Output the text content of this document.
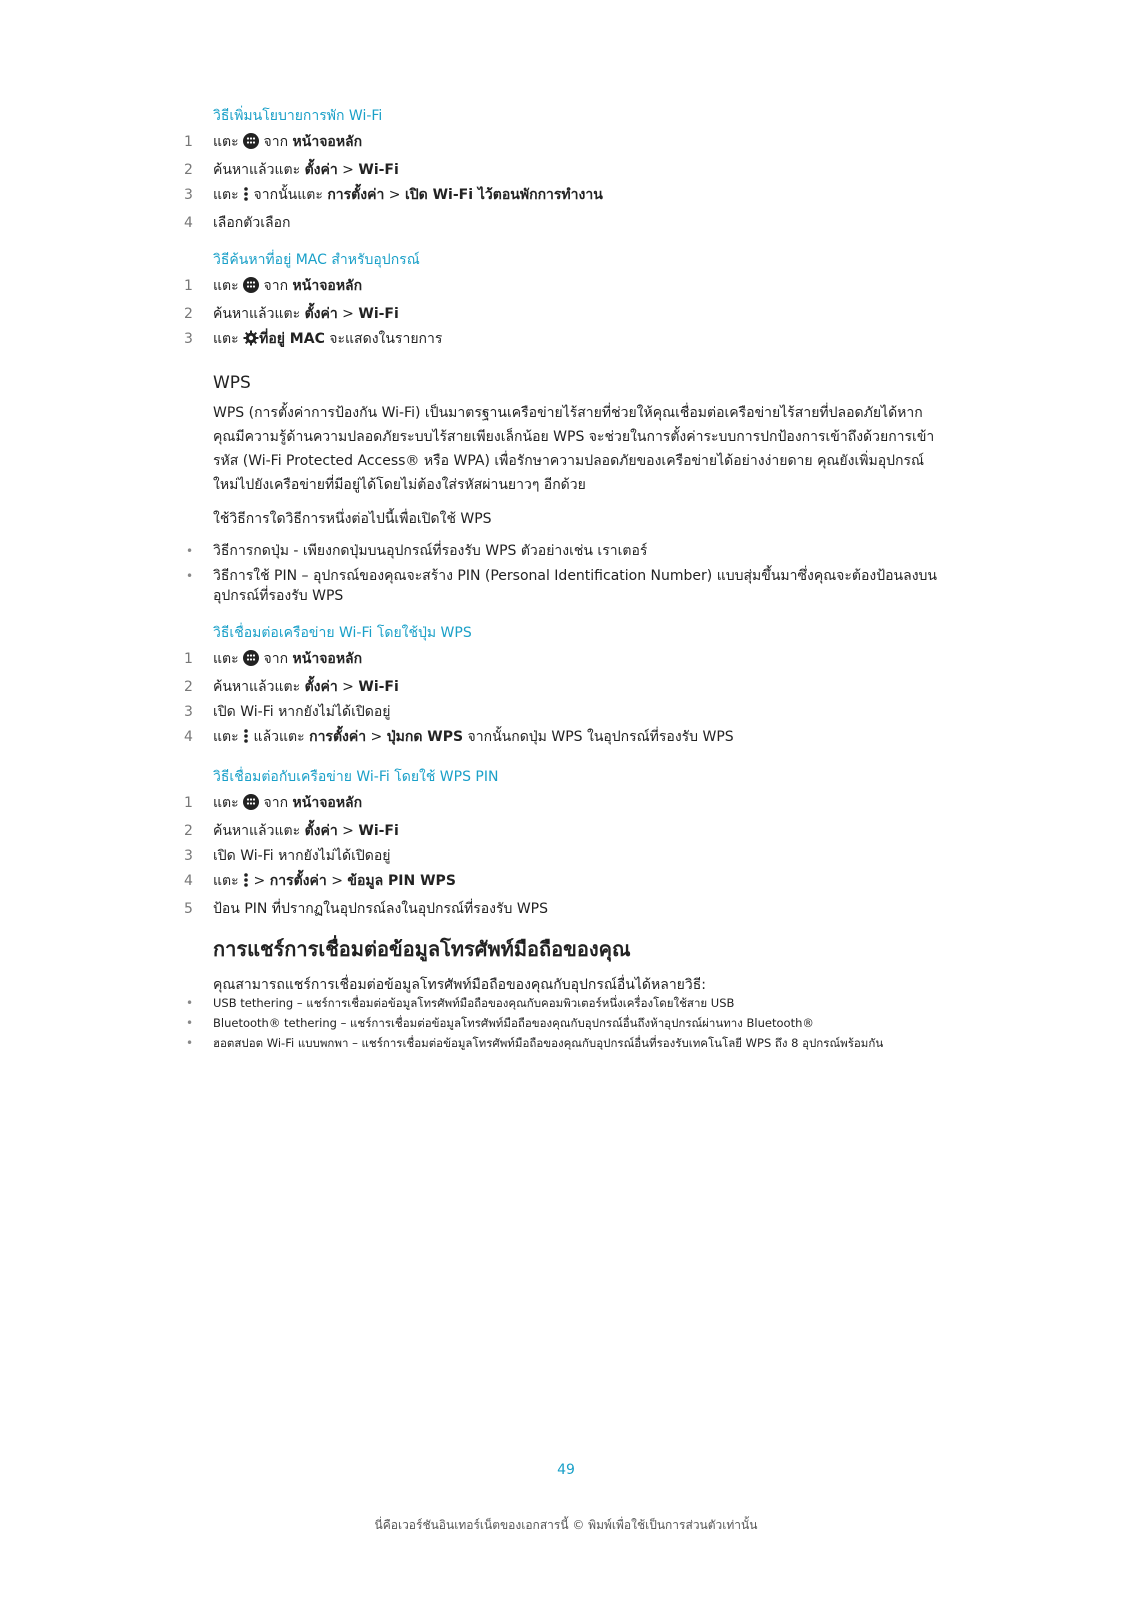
วิธีเพิ่มนโยบายการพัก Wi-Fi
1 แตะ  จาก หน้าจอหลัก
2 ค้นหาแล้วแตะ ตั้งค่า > Wi-Fi
3 แตะ  จากนั้นแตะ การตั้งค่า > เปิด Wi-Fi ไว้ตอนพักการทำงาน
4 เลือกตัวเลือก
วิธีค้นหาที่อยู่ MAC สำหรับอุปกรณ์
1 แตะ  จาก หน้าจอหลัก
2 ค้นหาแล้วแตะ ตั้งค่า > Wi-Fi
3 แตะ ที่อยู่ MAC จะแสดงในรายการ
WPS

WPS (การตั้งค่าการป้องกัน Wi-Fi) เป็นมาตรฐานเครือข่ายไร้สายที่ช่วยให้คุณเชื่อมต่อเครือข่ายไร้สายที่ปลอดภัยได้หากคุณมีความรู้ด้านความปลอดภัยระบบไร้สายเพียงเล็กน้อย WPS จะช่วยในการตั้งค่าระบบการปกป้องการเข้าถึงด้วยการเข้ารหัส (Wi-Fi Protected Access® หรือ WPA) เพื่อรักษาความปลอดภัยของเครือข่ายได้อย่างง่ายดาย คุณยังเพิ่มอุปกรณ์ใหม่ไปยังเครือข่ายที่มีอยู่ได้โดยไม่ต้องใส่รหัสผ่านยาวๆ อีกด้วย

ใช้วิธีการใดวิธีการหนึ่งต่อไปนี้เพื่อเปิดใช้ WPS

• วิธีการกดปุ่ม - เพียงกดปุ่มบนอุปกรณ์ที่รองรับ WPS ตัวอย่างเช่น เราเตอร์
• วิธีการใช้ PIN – อุปกรณ์ของคุณจะสร้าง PIN (Personal Identification Number) แบบสุ่มขึ้นมาซึ่งคุณจะต้องป้อนลงบนอุปกรณ์ที่รองรับ WPS
วิธีเชื่อมต่อเครือข่าย Wi-Fi โดยใช้ปุ่ม WPS
1 แตะ  จาก หน้าจอหลัก
2 ค้นหาแล้วแตะ ตั้งค่า > Wi-Fi
3 เปิด Wi-Fi หากยังไม่ได้เปิดอยู่
4 แตะ  แล้วแตะ การตั้งค่า > ปุ่มกด WPS จากนั้นกดปุ่ม WPS ในอุปกรณ์ที่รองรับ WPS
วิธีเชื่อมต่อกับเครือข่าย Wi-Fi โดยใช้ WPS PIN
1 แตะ  จาก หน้าจอหลัก
2 ค้นหาแล้วแตะ ตั้งค่า > Wi-Fi
3 เปิด Wi-Fi หากยังไม่ได้เปิดอยู่
4 แตะ  > การตั้งค่า > ข้อมูล PIN WPS
5 ป้อน PIN ที่ปรากฏในอุปกรณ์ลงในอุปกรณ์ที่รองรับ WPS
การแชร์การเชื่อมต่อข้อมูลโทรศัพท์มือถือของคุณ

คุณสามารถแชร์การเชื่อมต่อข้อมูลโทรศัพท์มือถือของคุณกับอุปกรณ์อื่นได้หลายวิธี:

• USB tethering – แชร์การเชื่อมต่อข้อมูลโทรศัพท์มือถือของคุณกับคอมพิวเตอร์หนึ่งเครื่องโดยใช้สาย USB
• Bluetooth® tethering – แชร์การเชื่อมต่อข้อมูลโทรศัพท์มือถือของคุณกับอุปกรณ์อื่นถึงห้าอุปกรณ์ผ่านทาง Bluetooth®
• ฮอตสปอต Wi-Fi แบบพกพา – แชร์การเชื่อมต่อข้อมูลโทรศัพท์มือถือของคุณกับอุปกรณ์อื่นที่รองรับเทคโนโลยี WPS ถึง 8 อุปกรณ์พร้อมกัน
49
นี่คือเวอร์ชันอินเทอร์เน็ตของเอกสารนี้ © พิมพ์เพื่อใช้เป็นการส่วนตัวเท่านั้น
